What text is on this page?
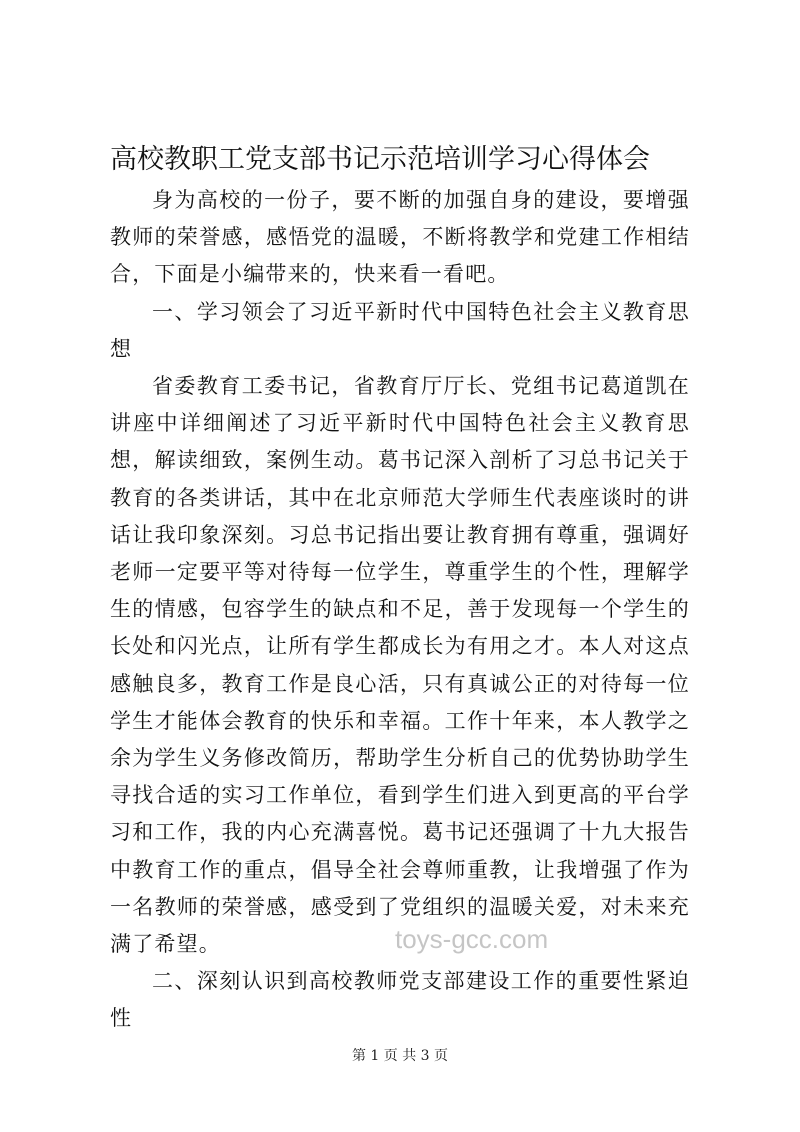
高校教职工党支部书记示范培训学习心得体会

身为高校的一份子，要不断的加强自身的建设，要增强教师的荣誉感，感悟党的温暖，不断将教学和党建工作相结合，下面是小编带来的，快来看一看吧。

一、学习领会了习近平新时代中国特色社会主义教育思想

省委教育工委书记，省教育厅厅长、党组书记葛道凯在讲座中详细阐述了习近平新时代中国特色社会主义教育思想，解读细致，案例生动。葛书记深入剖析了习总书记关于教育的各类讲话，其中在北京师范大学师生代表座谈时的讲话让我印象深刻。习总书记指出要让教育拥有尊重，强调好老师一定要平等对待每一位学生，尊重学生的个性，理解学生的情感，包容学生的缺点和不足，善于发现每一个学生的长处和闪光点，让所有学生都成长为有用之才。本人对这点感触良多，教育工作是良心活，只有真诚公正的对待每一位学生才能体会教育的快乐和幸福。工作十年来，本人教学之余为学生义务修改简历，帮助学生分析自己的优势协助学生寻找合适的实习工作单位，看到学生们进入到更高的平台学习和工作，我的内心充满喜悦。葛书记还强调了十九大报告中教育工作的重点，倡导全社会尊师重教，让我增强了作为一名教师的荣誉感，感受到了党组织的温暖关爱，对未来充满了希望。

二、深刻认识到高校教师党支部建设工作的重要性紧迫性

toys-gcc.com
第 1 页 共 3 页
